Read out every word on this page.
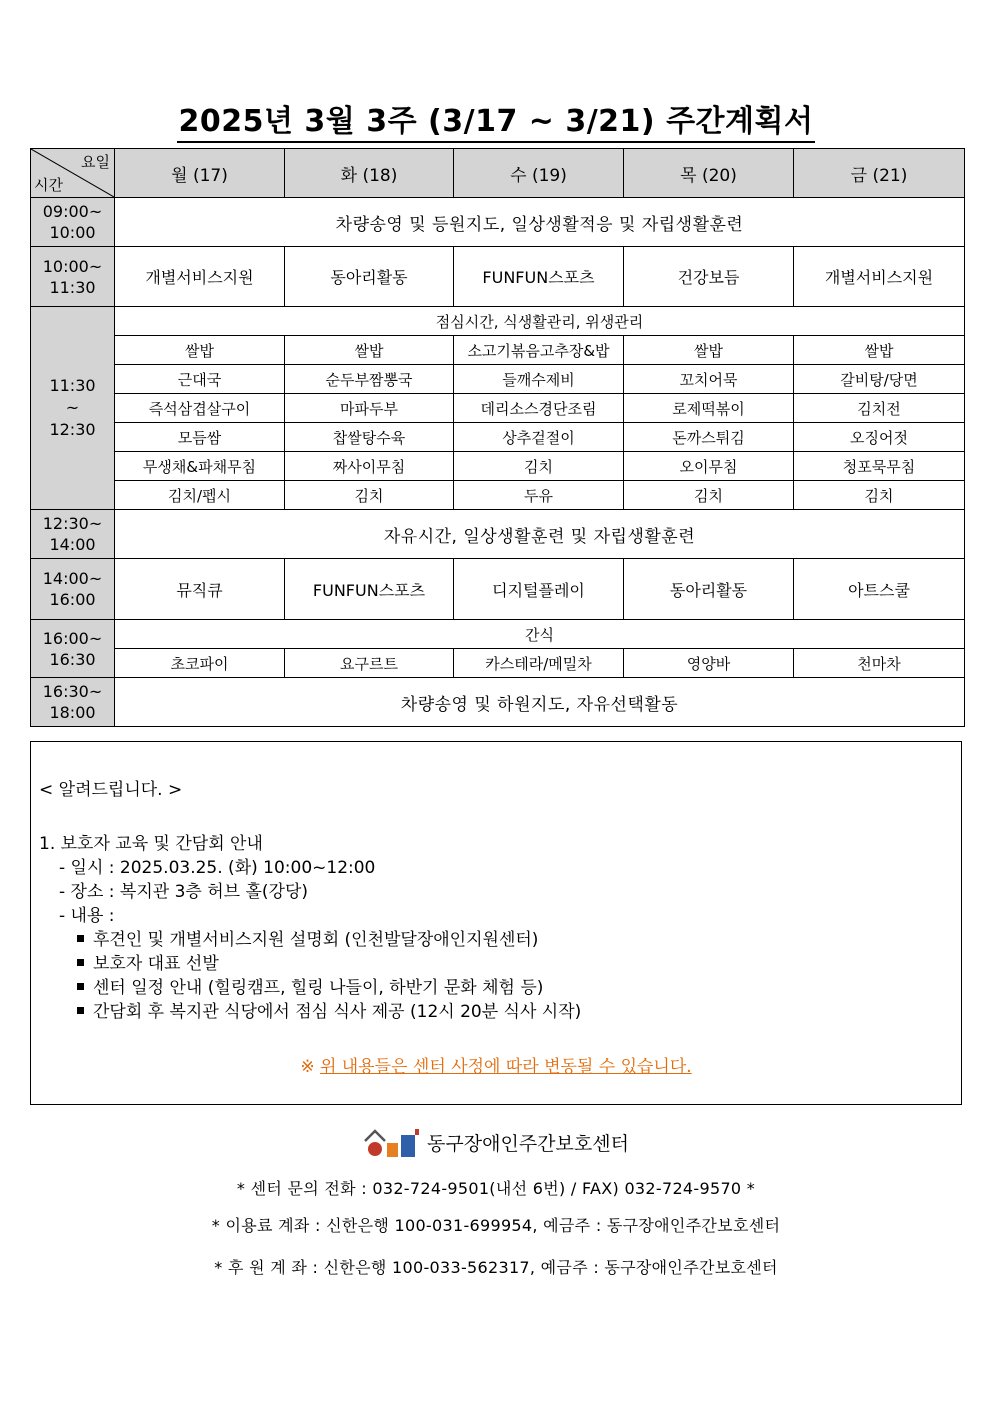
2025년 3월 3주 (3/17 ~ 3/21) 주간계획서
요일
시간	월 (17)	화 (18)	수 (19)	목 (20)	금 (21)

09:00~
10:00	차량송영 및 등원지도, 일상생활적응 및 자립생활훈련				

10:00~
11:30	개별서비스지원	동아리활동	FUNFUN스포츠	건강보듬	개별서비스지원

11:30
~
12:30	점심시간, 식생활관리, 위생관리				
	쌀밥	쌀밥	소고기볶음고추장&밥	쌀밥	쌀밥
	근대국	순두부짬뽕국	들깨수제비	꼬치어묵	갈비탕/당면
	즉석삼겹살구이	마파두부	데리소스경단조림	로제떡볶이	김치전
	모듬쌈	찹쌀탕수육	상추겉절이	돈까스튀김	오징어젓
	무생채&파채무침	짜사이무침	김치	오이무침	청포묵무침
	김치/펩시	김치	두유	김치	김치

12:30~
14:00	자유시간, 일상생활훈련 및 자립생활훈련				

14:00~
16:00	뮤직큐	FUNFUN스포츠	디지털플레이	동아리활동	아트스쿨

16:00~
16:30	간식				
	초코파이	요구르트	카스테라/메밀차	영양바	천마차

16:30~
18:00	차량송영 및 하원지도, 자유선택활동				
< 알려드립니다. >
1. 보호자 교육 및 간담회 안내
- 일시 : 2025.03.25. (화) 10:00~12:00
- 장소 : 복지관 3층 허브 홀(강당)
- 내용 :
후견인 및 개별서비스지원 설명회 (인천발달장애인지원센터)
보호자 대표 선발
센터 일정 안내 (힐링캠프, 힐링 나들이, 하반기 문화 체험 등)
간담회 후 복지관 식당에서 점심 식사 제공 (12시 20분 식사 시작)
※ 위 내용들은 센터 사정에 따라 변동될 수 있습니다.
동구장애인주간보호센터
* 센터 문의 전화 : 032-724-9501(내선 6번) / FAX) 032-724-9570 *
* 이용료 계좌 : 신한은행 100-031-699954, 예금주 : 동구장애인주간보호센터
* 후 원 계 좌 : 신한은행 100-033-562317, 예금주 : 동구장애인주간보호센터
